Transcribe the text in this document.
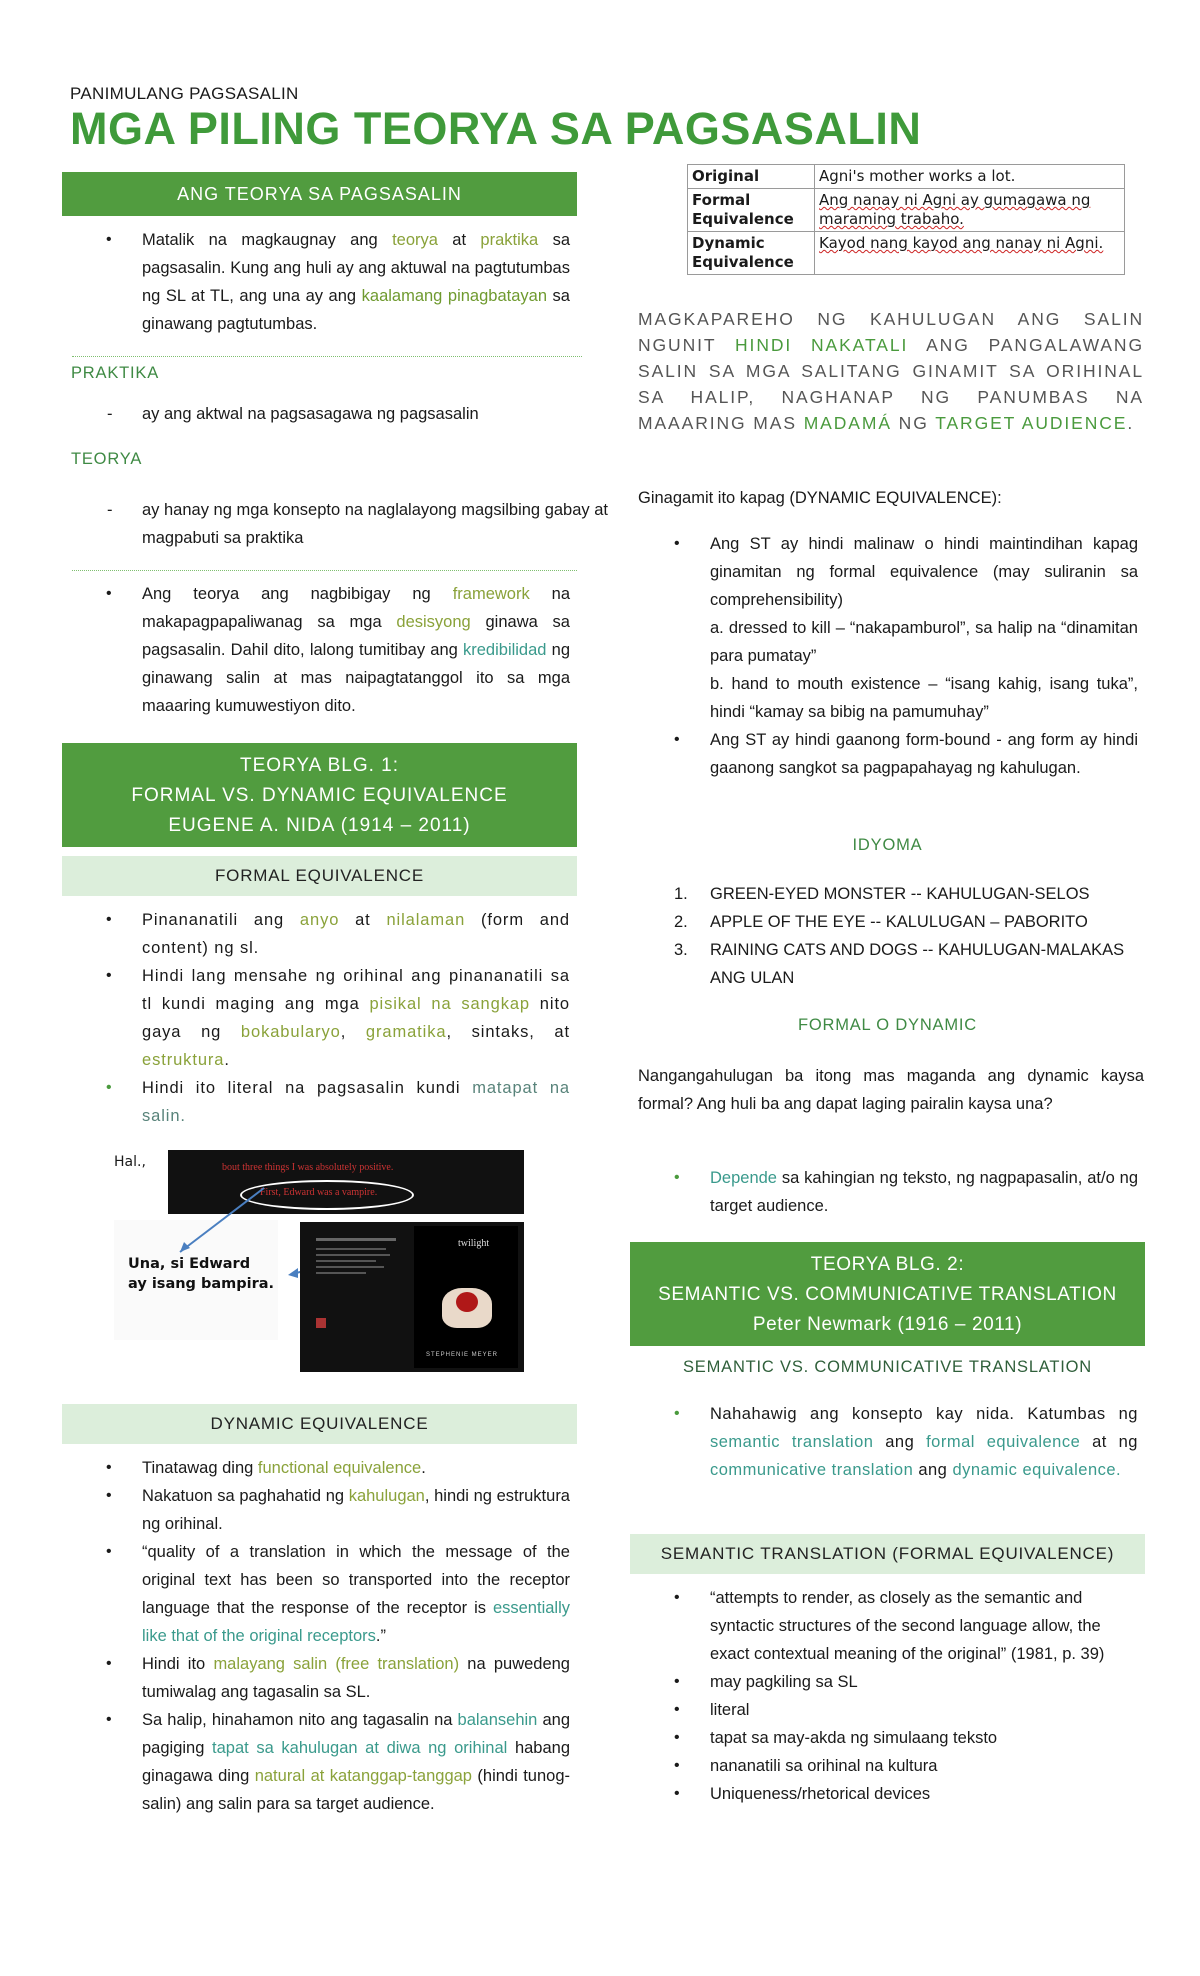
PANIMULANG PAGSASALIN
MGA PILING TEORYA SA PAGSASALIN
ANG TEORYA SA PAGSASALIN
• Matalik na magkaugnay ang teorya at praktika sa pagsasalin. Kung ang huli ay ang aktuwal na pagtutumbas ng SL at TL, ang una ay ang kaalamang pinagbatayan sa ginawang pagtutumbas.
PRAKTIKA
- ay ang aktwal na pagsasagawa ng pagsasalin
TEORYA
- ay hanay ng mga konsepto na naglalayong magsilbing gabay at magpabuti sa praktika
• Ang teorya ang nagbibigay ng framework na makapagpapaliwanag sa mga desisyong ginawa sa pagsasalin. Dahil dito, lalong tumitibay ang kredibilidad ng ginawang salin at mas naipagtatanggol ito sa mga maaaring kumuwestiyon dito.
TEORYA BLG. 1:
FORMAL VS. DYNAMIC EQUIVALENCE
EUGENE A. NIDA (1914 – 2011)
FORMAL EQUIVALENCE
• Pinananatili ang anyo at nilalaman (form and content) ng sl.
• Hindi lang mensahe ng orihinal ang pinananatili sa tl kundi maging ang mga pisikal na sangkap nito gaya ng bokabularyo, gramatika, sintaks, at estruktura.
• Hindi ito literal na pagsasalin kundi matapat na salin.
Hal.,	bout three things I was absolutely positive.
First, Edward was a vampire.
Una, si Edward
ay isang bampira.
twilight
STEPHENIE MEYER
DYNAMIC EQUIVALENCE
• Tinatawag ding functional equivalence.
• Nakatuon sa paghahatid ng kahulugan, hindi ng estruktura ng orihinal.
• “quality of a translation in which the message of the original text has been so transported into the receptor language that the response of the receptor is essentially like that of the original receptors.”
• Hindi ito malayang salin (free translation) na puwedeng tumiwalag ang tagasalin sa SL.
• Sa halip, hinahamon nito ang tagasalin na balansehin ang pagiging tapat sa kahulugan at diwa ng orihinal habang ginagawa ding natural at katanggap-tanggap (hindi tunog-salin) ang salin para sa target audience.
Original	Agni's mother works a lot.
Formal Equivalence	Ang nanay ni Agni ay gumagawa ng maraming trabaho.
Dynamic Equivalence	Kayod nang kayod ang nanay ni Agni.
MAGKAPAREHO NG KAHULUGAN ANG SALIN NGUNIT HINDI NAKATALI ANG PANGALAWANG SALIN SA MGA SALITANG GINAMIT SA ORIHINAL SA HALIP, NAGHANAP NG PANUMBAS NA MAAARING MAS MADAMÁ NG TARGET AUDIENCE.
Ginagamit ito kapag (DYNAMIC EQUIVALENCE):
• Ang ST ay hindi malinaw o hindi maintindihan kapag ginamitan ng formal equivalence (may suliranin sa comprehensibility)
a. dressed to kill – “nakapamburol”, sa halip na “dinamitan para pumatay”
b. hand to mouth existence – “isang kahig, isang tuka”, hindi “kamay sa bibig na pamumuhay”
• Ang ST ay hindi gaanong form-bound - ang form ay hindi gaanong sangkot sa pagpapahayag ng kahulugan.
IDYOMA
1. GREEN-EYED MONSTER -- KAHULUGAN-SELOS
2. APPLE OF THE EYE -- KALULUGAN – PABORITO
3. RAINING CATS AND DOGS -- KAHULUGAN-MALAKAS ANG ULAN
FORMAL O DYNAMIC
Nangangahulugan ba itong mas maganda ang dynamic kaysa formal? Ang huli ba ang dapat laging pairalin kaysa una?
• Depende sa kahingian ng teksto, ng nagpapasalin, at/o ng target audience.
TEORYA BLG. 2:
SEMANTIC VS. COMMUNICATIVE TRANSLATION
Peter Newmark (1916 – 2011)
SEMANTIC VS. COMMUNICATIVE TRANSLATION
• Nahahawig ang konsepto kay nida. Katumbas ng semantic translation ang formal equivalence at ng communicative translation ang dynamic equivalence.
SEMANTIC TRANSLATION (FORMAL EQUIVALENCE)
• “attempts to render, as closely as the semantic and syntactic structures of the second language allow, the exact contextual meaning of the original” (1981, p. 39)
• may pagkiling sa SL
• literal
• tapat sa may-akda ng simulaang teksto
• nananatili sa orihinal na kultura
• Uniqueness/rhetorical devices
